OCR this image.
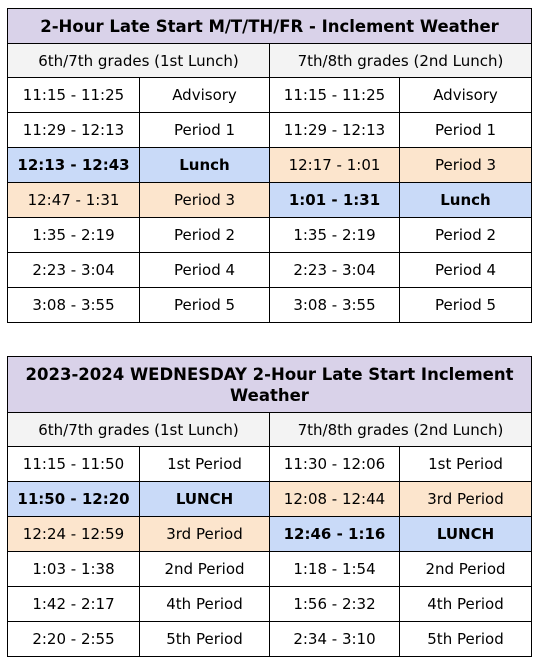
2-Hour Late Start M/T/TH/FR - Inclement Weather			
6th/7th grades (1st Lunch)		7th/8th grades (2nd Lunch)	
11:15 - 11:25	Advisory	11:15 - 11:25	Advisory
11:29 - 12:13	Period 1	11:29 - 12:13	Period 1
12:13 - 12:43	Lunch	12:17 - 1:01	Period 3
12:47 - 1:31	Period 3	1:01 - 1:31	Lunch
1:35 - 2:19	Period 2	1:35 - 2:19	Period 2
2:23 - 3:04	Period 4	2:23 - 3:04	Period 4
3:08 - 3:55	Period 5	3:08 - 3:55	Period 5
2023-2024 WEDNESDAY 2-Hour Late Start Inclement Weather			
6th/7th grades (1st Lunch)		7th/8th grades (2nd Lunch)	
11:15 - 11:50	1st Period	11:30 - 12:06	1st Period
11:50 - 12:20	LUNCH	12:08 - 12:44	3rd Period
12:24 - 12:59	3rd Period	12:46 - 1:16	LUNCH
1:03 - 1:38	2nd Period	1:18 - 1:54	2nd Period
1:42 - 2:17	4th Period	1:56 - 2:32	4th Period
2:20 - 2:55	5th Period	2:34 - 3:10	5th Period
